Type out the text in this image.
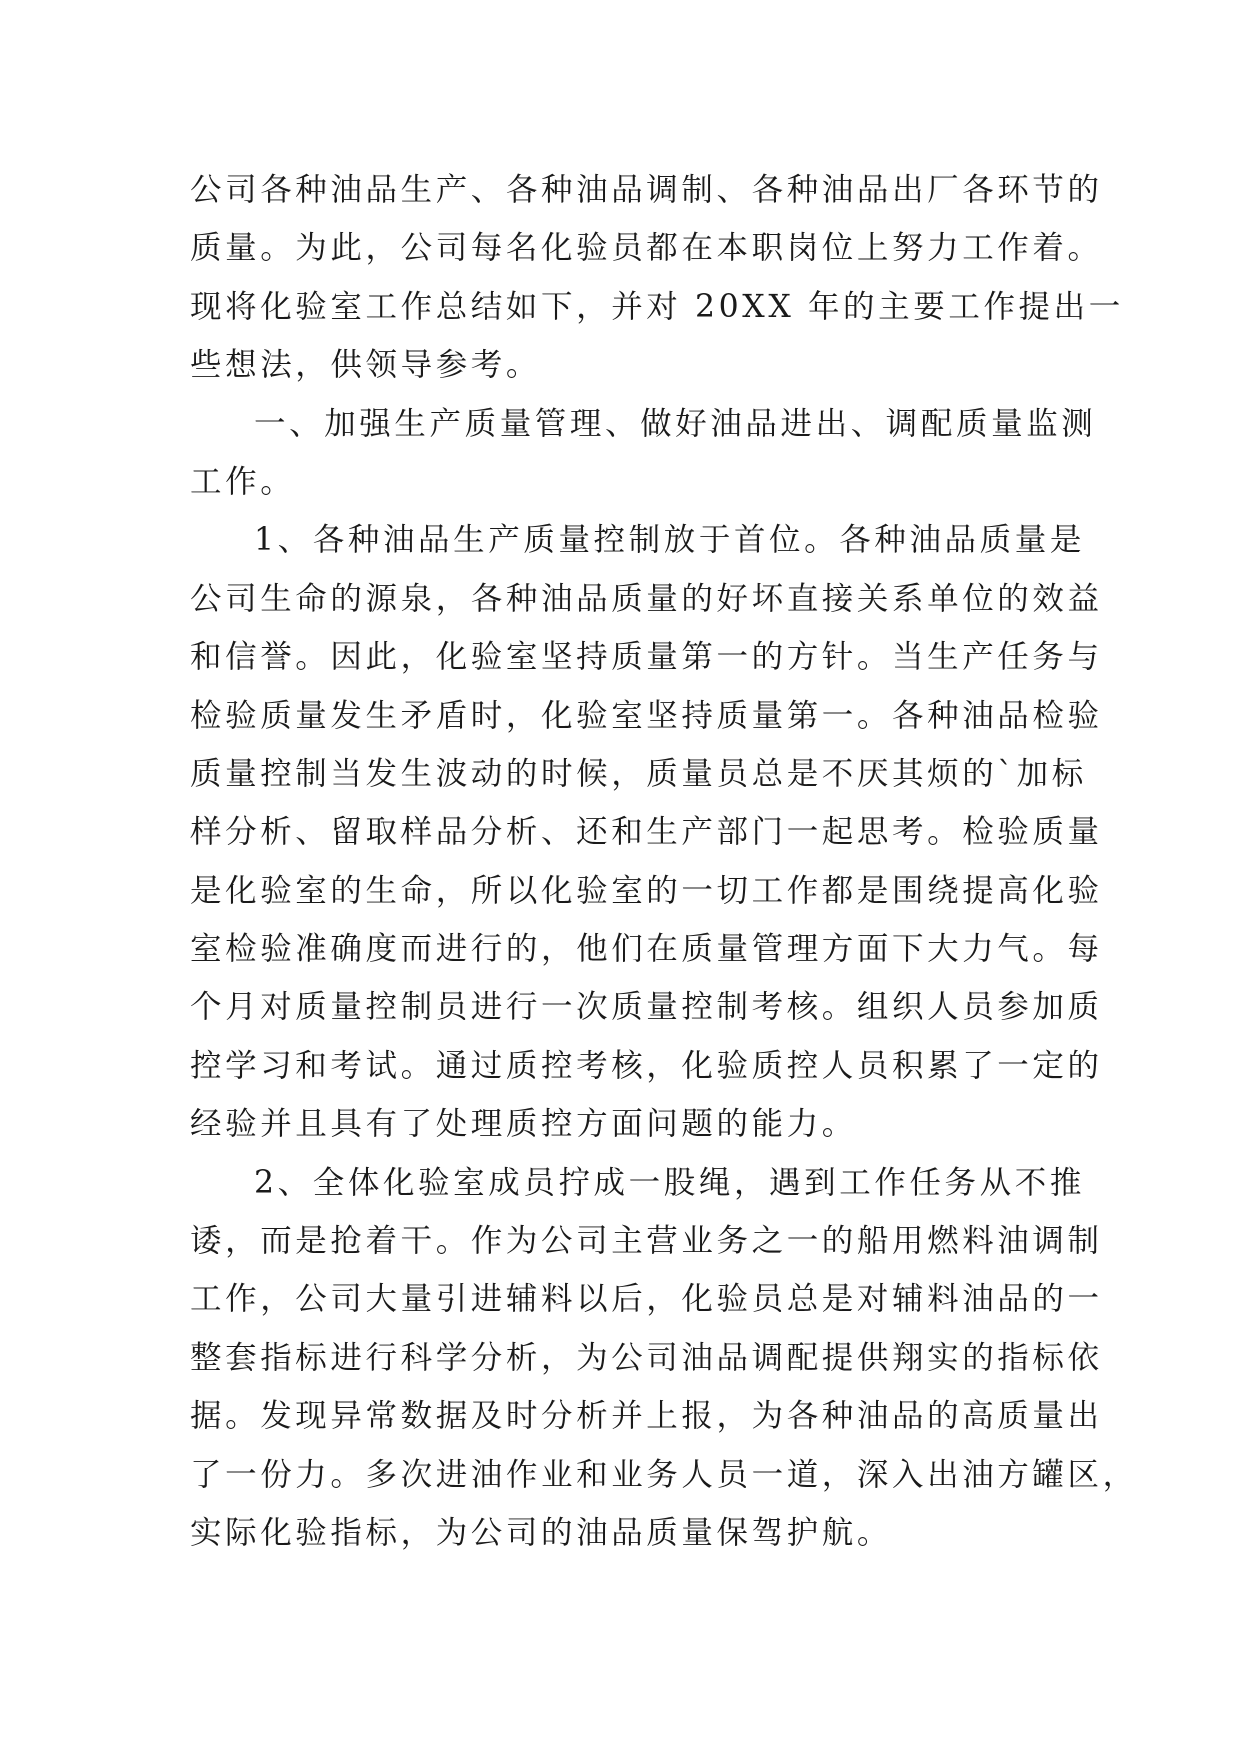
公司各种油品生产、各种油品调制、各种油品出厂各环节的
质量。为此，公司每名化验员都在本职岗位上努力工作着。
现将化验室工作总结如下，并对 20XX 年的主要工作提出一
些想法，供领导参考。
一、加强生产质量管理、做好油品进出、调配质量监测
工作。
1、各种油品生产质量控制放于首位。各种油品质量是
公司生命的源泉，各种油品质量的好坏直接关系单位的效益
和信誉。因此，化验室坚持质量第一的方针。当生产任务与
检验质量发生矛盾时，化验室坚持质量第一。各种油品检验
质量控制当发生波动的时候，质量员总是不厌其烦的`加标
样分析、留取样品分析、还和生产部门一起思考。检验质量
是化验室的生命，所以化验室的一切工作都是围绕提高化验
室检验准确度而进行的，他们在质量管理方面下大力气。每
个月对质量控制员进行一次质量控制考核。组织人员参加质
控学习和考试。通过质控考核，化验质控人员积累了一定的
经验并且具有了处理质控方面问题的能力。
2、全体化验室成员拧成一股绳，遇到工作任务从不推
诿，而是抢着干。作为公司主营业务之一的船用燃料油调制
工作，公司大量引进辅料以后，化验员总是对辅料油品的一
整套指标进行科学分析，为公司油品调配提供翔实的指标依
据。发现异常数据及时分析并上报，为各种油品的高质量出
了一份力。多次进油作业和业务人员一道，深入出油方罐区，
实际化验指标，为公司的油品质量保驾护航。
